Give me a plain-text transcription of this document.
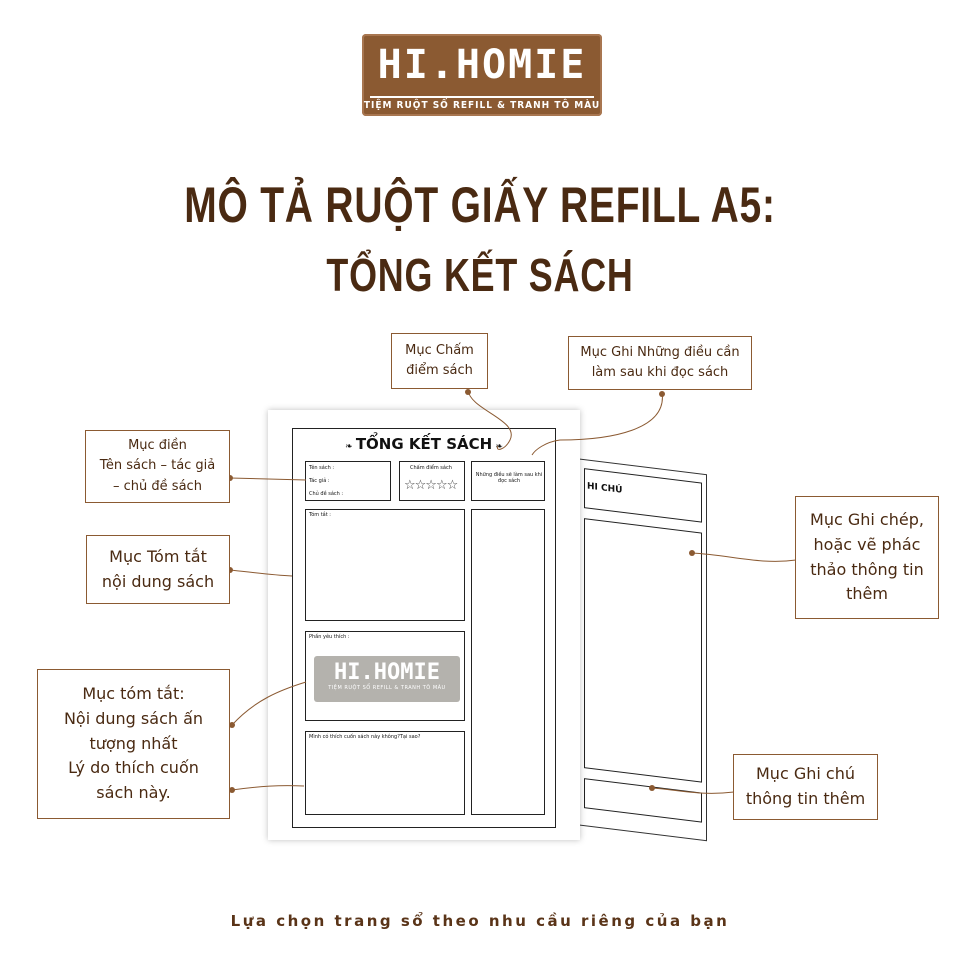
HI.HOMIE
TIỆM RUỘT SỔ REFILL & TRANH TÔ MÀU
MÔ TẢ RUỘT GIẤY REFILL A5:
TỔNG KẾT SÁCH
HI CHÚ
❧ TỔNG KẾT SÁCH ❧
Tên sách :
Tác giả :
Chủ đề sách :
Chấm điểm sách
☆☆☆☆☆
Những điều sẽ làm sau khi đọc sách
Tóm tắt :
Phần yêu thích :
HI.HOMIE
TIỆM RUỘT SỔ REFILL & TRANH TÔ MÀU
Mình có thích cuốn sách này không?Tại sao?
Mục Chấm
điểm sách
Mục Ghi Những điều cần
làm sau khi đọc sách
Mục điền
Tên sách – tác giả
– chủ đề sách
Mục Tóm tắt
nội dung sách
Mục tóm tắt:
Nội dung sách ấn
tượng nhất
Lý do thích cuốn
sách này.
Mục Ghi chép,
hoặc vẽ phác
thảo thông tin
thêm
Mục Ghi chú
thông tin thêm
Lựa chọn trang sổ theo nhu cầu riêng của bạn
